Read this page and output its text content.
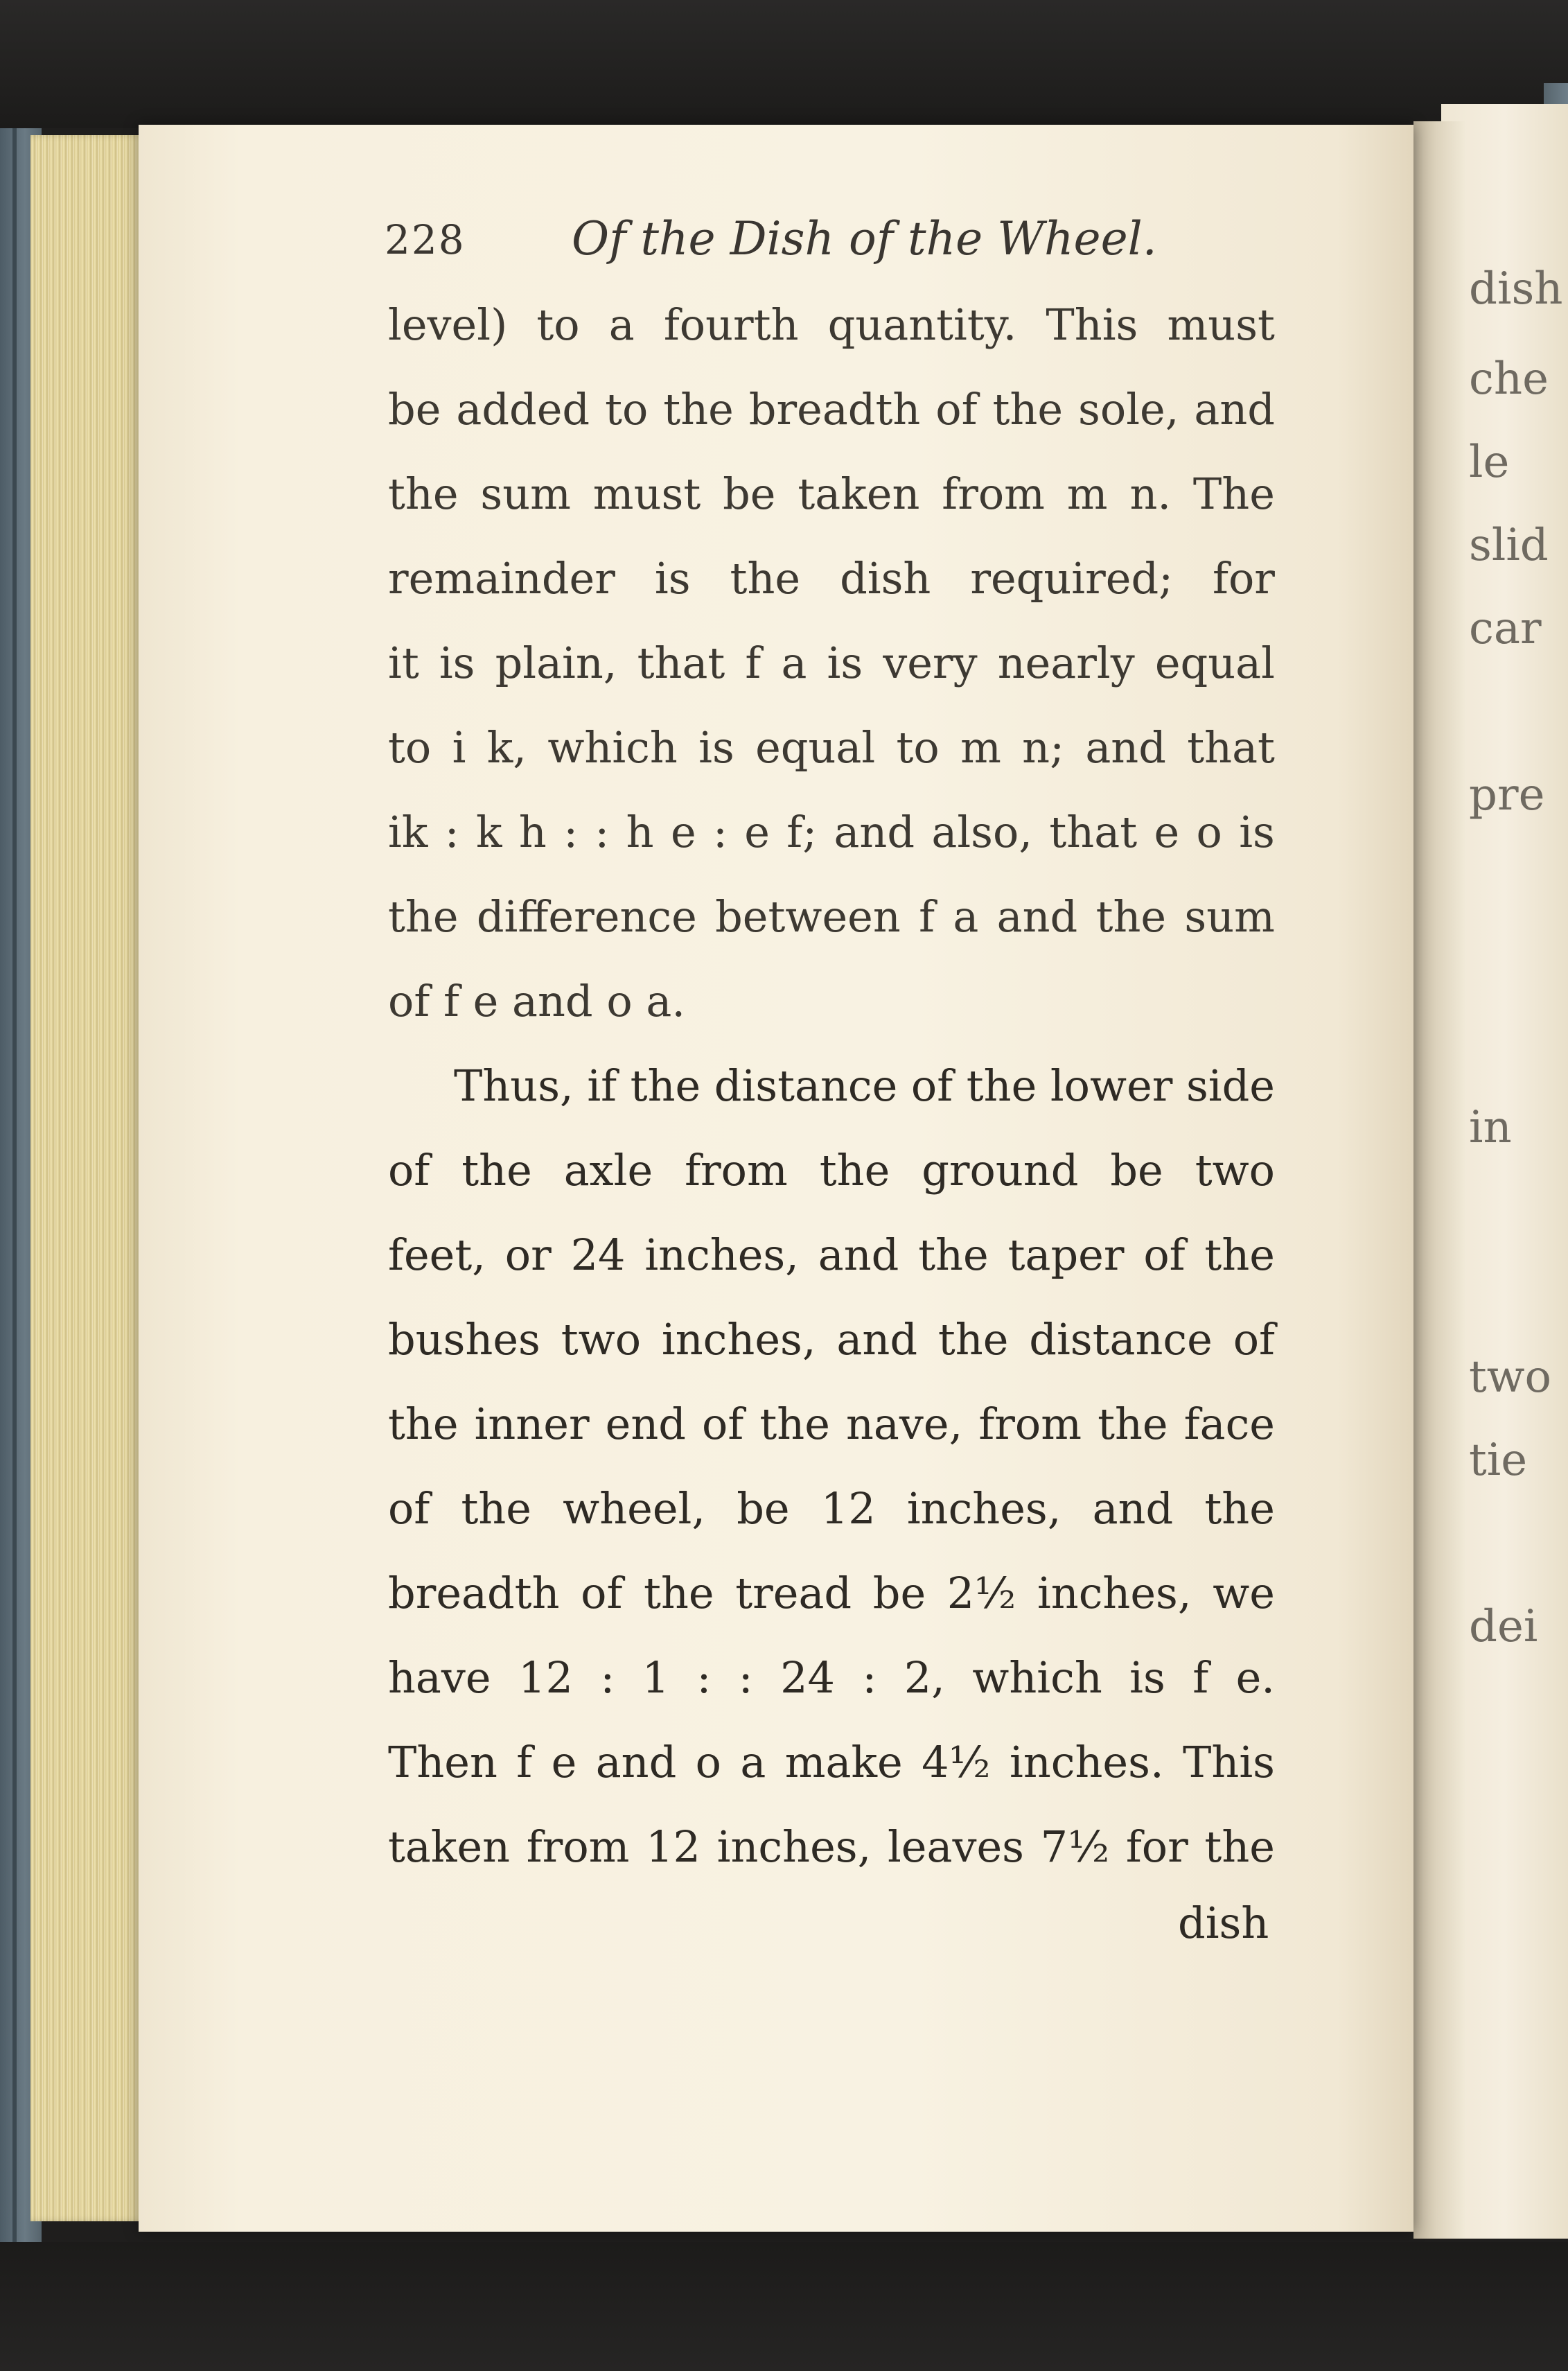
dish
che
le
slid
car
pre
in
two
tie
dei
228 Of the Dish of the Wheel.
level) to a fourth quantity. This must
be added to the breadth of the sole, and
the sum must be taken from m n. The
remainder is the dish required; for
it is plain, that f a is very nearly equal
to i k, which is equal to m n; and that
ik : k h : : h e : e f; and also, that e o is
the difference between f a and the sum
of f e and o a.
Thus, if the distance of the lower side
of the axle from the ground be two
feet, or 24 inches, and the taper of the
bushes two inches, and the distance of
the inner end of the nave, from the face
of the wheel, be 12 inches, and the
breadth of the tread be 2½ inches, we
have 12 : 1 : : 24 : 2, which is f e.
Then f e and o a make 4½ inches. This
taken from 12 inches, leaves 7½ for the
dish
